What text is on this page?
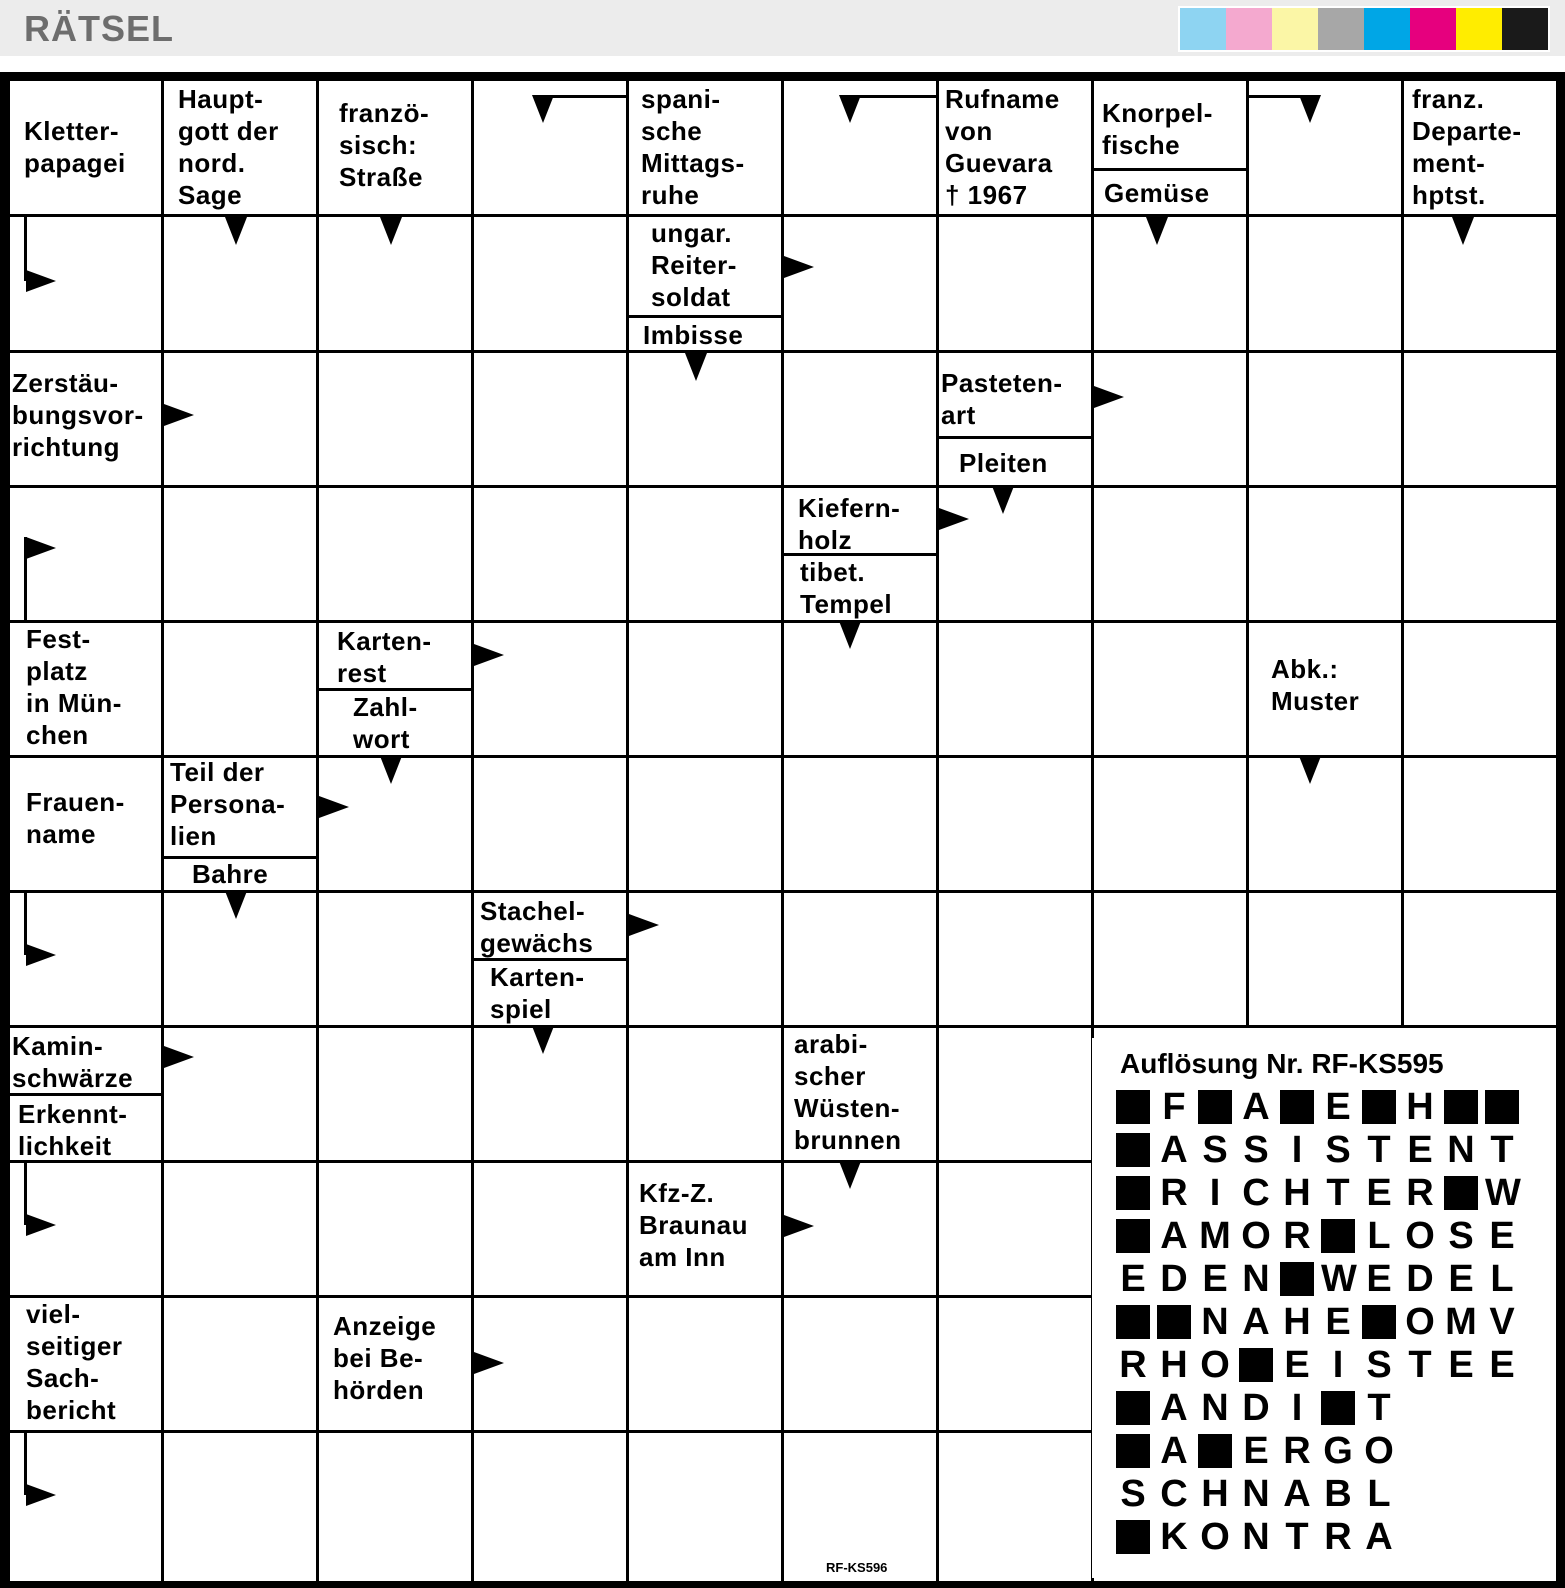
RÄTSEL
Kletter-
papagei
Haupt-
gott der
nord.
Sage
franzö-
sisch:
Straße
spani-
sche
Mittags-
ruhe
Rufname
von
Guevara
† 1967
Knorpel-
fische
Gemüse
franz.
Departe-
ment-
hptst.
ungar.
Reiter-
soldat
Imbisse
Zerstäu-
bungsvor-
richtung
Pasteten-
art
Pleiten
Kiefern-
holz
tibet.
Tempel
Fest-
platz
in Mün-
chen
Karten-
rest
Zahl-
wort
Abk.:
Muster
Frauen-
name
Teil der
Persona-
lien
Bahre
Stachel-
gewächs
Karten-
spiel
Kamin-
schwärze
Erkennt-
lichkeit
arabi-
scher
Wüsten-
brunnen
Kfz-Z.
Braunau
am Inn
viel-
seitiger
Sach-
bericht
Anzeige
bei Be-
hörden
RF-KS596
Auflösung Nr. RF-KS595
F A E H
A S S I S T E N T
R I C H T E R W
A M O R L O S E
E D E N W E D E L
N A H E O M V
R H O E I S T E E
A N D I	T
A E R G O
S C H N A B L
K O N T R A
